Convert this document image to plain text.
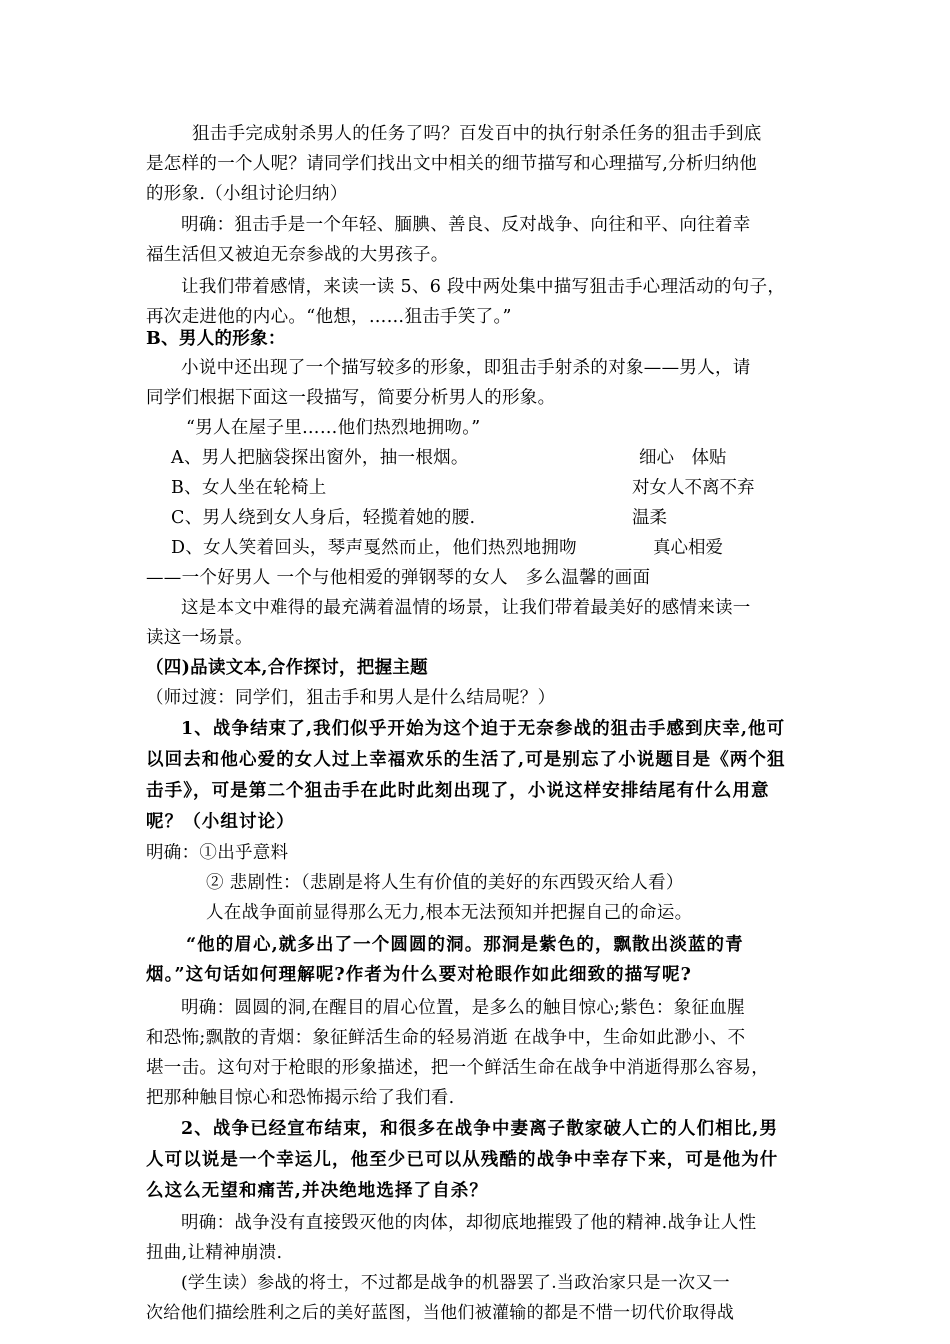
狙击手完成射杀男人的任务了吗？百发百中的执行射杀任务的狙击手到底
是怎样的一个人呢？请同学们找出文中相关的细节描写和心理描写,分析归纳他
的形象.（小组讨论归纳）
明确：狙击手是一个年轻、腼腆、善良、反对战争、向往和平、向往着幸
福生活但又被迫无奈参战的大男孩子。
让我们带着感情，来读一读 5、6 段中两处集中描写狙击手心理活动的句子，
再次走进他的内心。“他想，……狙击手笑了。”
B、男人的形象：
小说中还出现了一个描写较多的形象，即狙击手射杀的对象——男人，请
同学们根据下面这一段描写，简要分析男人的形象。
“男人在屋子里……他们热烈地拥吻。”
A、男人把脑袋探出窗外，抽一根烟。	细心　体贴
B、女人坐在轮椅上	对女人不离不弃
C、男人绕到女人身后，轻揽着她的腰.	温柔
D、女人笑着回头，琴声戛然而止，他们热烈地拥吻	真心相爱
——一个好男人 一个与他相爱的弹钢琴的女人　多么温馨的画面
这是本文中难得的最充满着温情的场景，让我们带着最美好的感情来读一
读这一场景。
（四)品读文本,合作探讨，把握主题
（师过渡：同学们，狙击手和男人是什么结局呢？）
1、战争结束了,我们似乎开始为这个迫于无奈参战的狙击手感到庆幸,他可
以回去和他心爱的女人过上幸福欢乐的生活了,可是别忘了小说题目是《两个狙
击手》，可是第二个狙击手在此时此刻出现了，小说这样安排结尾有什么用意
呢？（小组讨论）
明确：①出乎意料
② 悲剧性：（悲剧是将人生有价值的美好的东西毁灭给人看）
人在战争面前显得那么无力,根本无法预知并把握自己的命运。
“他的眉心,就多出了一个圆圆的洞。那洞是紫色的，飘散出淡蓝的青
烟。”这句话如何理解呢?作者为什么要对枪眼作如此细致的描写呢?
明确：圆圆的洞,在醒目的眉心位置，是多么的触目惊心;紫色：象征血腥
和恐怖;飘散的青烟：象征鲜活生命的轻易消逝 在战争中，生命如此渺小、不
堪一击。这句对于枪眼的形象描述，把一个鲜活生命在战争中消逝得那么容易，
把那种触目惊心和恐怖揭示给了我们看.
2、战争已经宣布结束，和很多在战争中妻离子散家破人亡的人们相比,男
人可以说是一个幸运儿，他至少已可以从残酷的战争中幸存下来，可是他为什
么这么无望和痛苦,并决绝地选择了自杀？
明确：战争没有直接毁灭他的肉体，却彻底地摧毁了他的精神.战争让人性
扭曲,让精神崩溃.
(学生读）参战的将士，不过都是战争的机器罢了.当政治家只是一次又一
次给他们描绘胜利之后的美好蓝图，当他们被灌输的都是不惜一切代价取得战
